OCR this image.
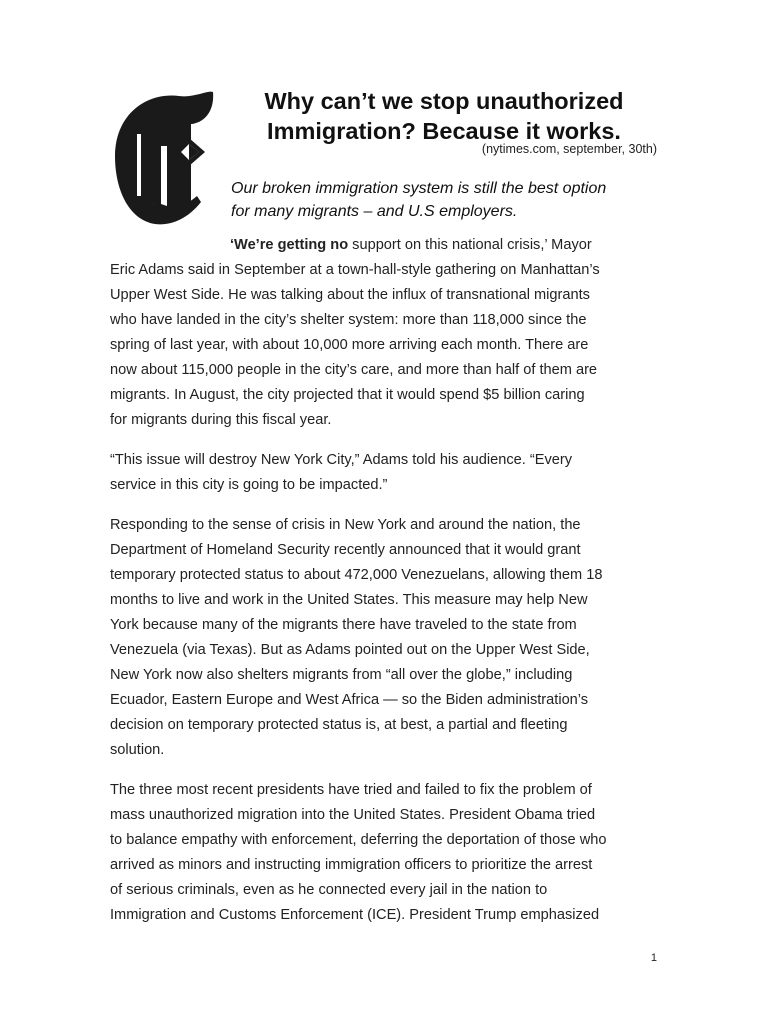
Why can’t we stop unauthorized
Immigration? Because it works.

(nytimes.com, september, 30th)

Our broken immigration system is still the best option
for many migrants – and U.S employers.

‘We’re getting no support on this national crisis,’ Mayor
Eric Adams said in September at a town-hall-style gathering on Manhattan’s
Upper West Side. He was talking about the influx of transnational migrants
who have landed in the city’s shelter system: more than 118,000 since the
spring of last year, with about 10,000 more arriving each month. There are
now about 115,000 people in the city’s care, and more than half of them are
migrants. In August, the city projected that it would spend $5 billion caring
for migrants during this fiscal year.

“This issue will destroy New York City,” Adams told his audience. “Every
service in this city is going to be impacted.”

Responding to the sense of crisis in New York and around the nation, the
Department of Homeland Security recently announced that it would grant
temporary protected status to about 472,000 Venezuelans, allowing them 18
months to live and work in the United States. This measure may help New
York because many of the migrants there have traveled to the state from
Venezuela (via Texas). But as Adams pointed out on the Upper West Side,
New York now also shelters migrants from “all over the globe,” including
Ecuador, Eastern Europe and West Africa — so the Biden administration’s
decision on temporary protected status is, at best, a partial and fleeting
solution.

The three most recent presidents have tried and failed to fix the problem of
mass unauthorized migration into the United States. President Obama tried
to balance empathy with enforcement, deferring the deportation of those who
arrived as minors and instructing immigration officers to prioritize the arrest
of serious criminals, even as he connected every jail in the nation to
Immigration and Customs Enforcement (ICE). President Trump emphasized

1
